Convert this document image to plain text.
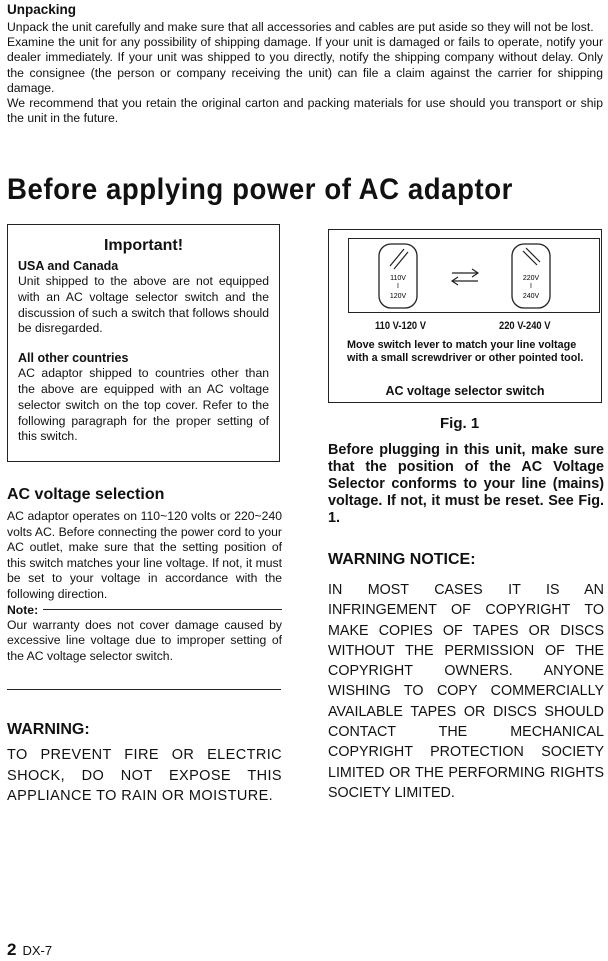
Unpacking

Unpack the unit carefully and make sure that all accessories and cables are put aside so they will not be lost.

Examine the unit for any possibility of shipping damage. If your unit is damaged or fails to operate, notify your dealer immediately. If your unit was shipped to you directly, notify the shipping company without delay. Only the consignee (the person or company receiving the unit) can file a claim against the carrier for shipping damage.

We recommend that you retain the original carton and packing materials for use should you transport or ship the unit in the future.

Before applying power of AC adaptor
Important!
USA and Canada

Unit shipped to the above are not equipped with an AC voltage selector switch and the discussion of such a switch that follows should be disregarded.

All other countries

AC adaptor shipped to countries other than the above are equipped with an AC voltage selector switch on the top cover. Refer to the following paragraph for the proper setting of this switch.

AC voltage selection

AC adaptor operates on 110~120 volts or 220~240 volts AC. Before connecting the power cord to your AC outlet, make sure that the setting position of this switch matches your line voltage. If not, it must be set to your voltage in accordance with the following direction.

Note:

Our warranty does not cover damage caused by excessive line voltage due to improper setting of the AC voltage selector switch.

WARNING:

TO PREVENT FIRE OR ELECTRIC SHOCK, DO NOT EXPOSE THIS APPLIANCE TO RAIN OR MOISTURE.

110V
I
120V
220V
I
240V
110 V-120 V	220 V-240 V

Move switch lever to match your line voltage with a small screwdriver or other pointed tool.

AC voltage selector switch

Fig. 1

Before plugging in this unit, make sure that the position of the AC Voltage Selector conforms to your line (mains) voltage. If not, it must be reset. See Fig. 1.

WARNING NOTICE:

IN MOST CASES IT IS AN INFRINGEMENT OF COPYRIGHT TO MAKE COPIES OF TAPES OR DISCS WITHOUT THE PERMISSION OF THE COPYRIGHT OWNERS. ANYONE WISHING TO COPY COMMERCIALLY AVAILABLE TAPES OR DISCS SHOULD CONTACT THE MECHANICAL COPYRIGHT PROTECTION SOCIETY LIMITED OR THE PERFORMING RIGHTS SOCIETY LIMITED.

2 DX-7
